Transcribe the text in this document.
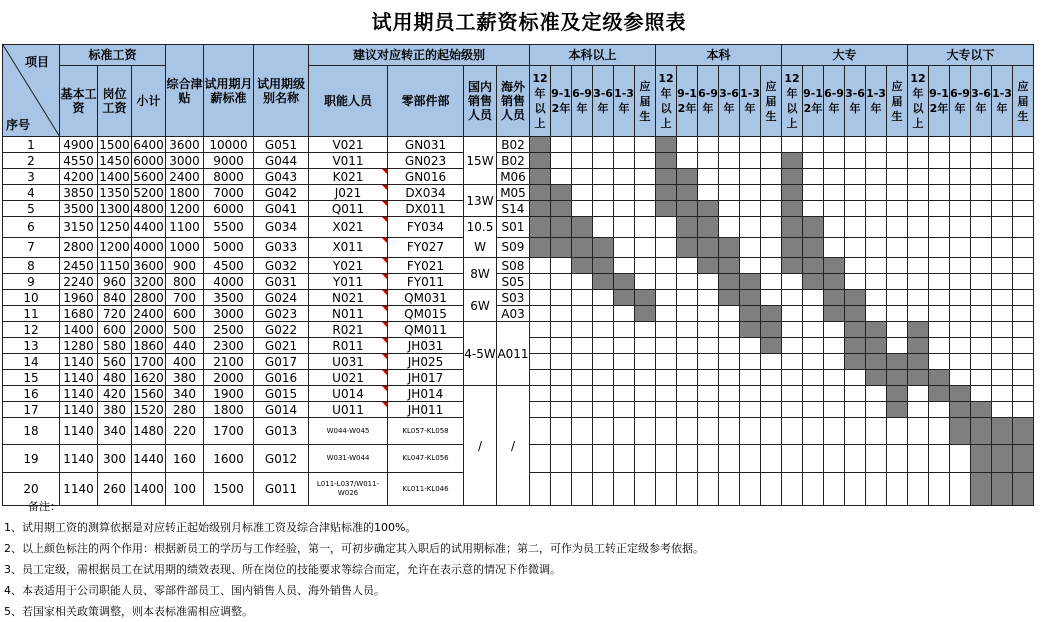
试用期员工薪资标准及定级参照表
项目
序号	标准工资			综合津贴	试用期月薪标准	试用期级别名称	建议对应转正的起始级别				本科以上						本科						大专						大专以下					
	基本工资	岗位工资	小计				职能人员	零部件部	国内销售人员	海外销售人员	12年以上	9-12年	6-9年	3-6年	1-3年	应届生	12年以上	9-12年	6-9年	3-6年	1-3年	应届生	12年以上	9-12年	6-9年	3-6年	1-3年	应届生	12年以上	9-12年	6-9年	3-6年	1-3年	应届生
1	4900	1500	6400	3600	10000	G051	V021	GN031	15W	B02																								
2	4550	1450	6000	3000	9000	G044	V011	GN023		B02																								
3	4200	1400	5600	2400	8000	G043	K021	GN016		M06																								
4	3850	1350	5200	1800	7000	G042	J021	DX034	13W	M05																								
5	3500	1300	4800	1200	6000	G041	Q011	DX011		S14																								
6	3150	1250	4400	1100	5500	G034	X021	FY034	10.5W	S01																								
7	2800	1200	4000	1000	5000	G033	X011	FY027		S09																								
8	2450	1150	3600	900	4500	G032	Y021	FY021	8W	S08																								
9	2240	960	3200	800	4000	G031	Y011	FY011		S05																								
10	1960	840	2800	700	3500	G024	N021	QM031	6W	S03																								
11	1680	720	2400	600	3000	G023	N011	QM015		A03																								
12	1400	600	2000	500	2500	G022	R021	QM011	4-5W	A011																								
13	1280	580	1860	440	2300	G021	R011	JH031																										
14	1140	560	1700	400	2100	G017	U031	JH025																										
15	1140	480	1620	380	2000	G016	U021	JH017																										
16	1140	420	1560	340	1900	G015	U014	JH014	/	/																								
17	1140	380	1520	280	1800	G014	U011	JH011																										
18	1140	340	1480	220	1700	G013	W044-W045	KL057-KL058																										
19	1140	300	1440	160	1600	G012	W031-W044	KL047-KL056																										
20	1140	260	1400	100	1500	G011	L011-L037/W011-W026	KL011-KL046																										
备注：
1、试用期工资的测算依据是对应转正起始级别月标准工资及综合津贴标准的100%。
2、以上颜色标注的两个作用：根据新员工的学历与工作经验，第一，可初步确定其入职后的试用期标准；第二，可作为员工转正定级参考依据。
3、员工定级，需根据员工在试用期的绩效表现、所在岗位的技能要求等综合而定，允许在表示意的情况下作微调。
4、本表适用于公司职能人员、零部件部员工、国内销售人员、海外销售人员。
5、若国家相关政策调整，则本表标准需相应调整。
